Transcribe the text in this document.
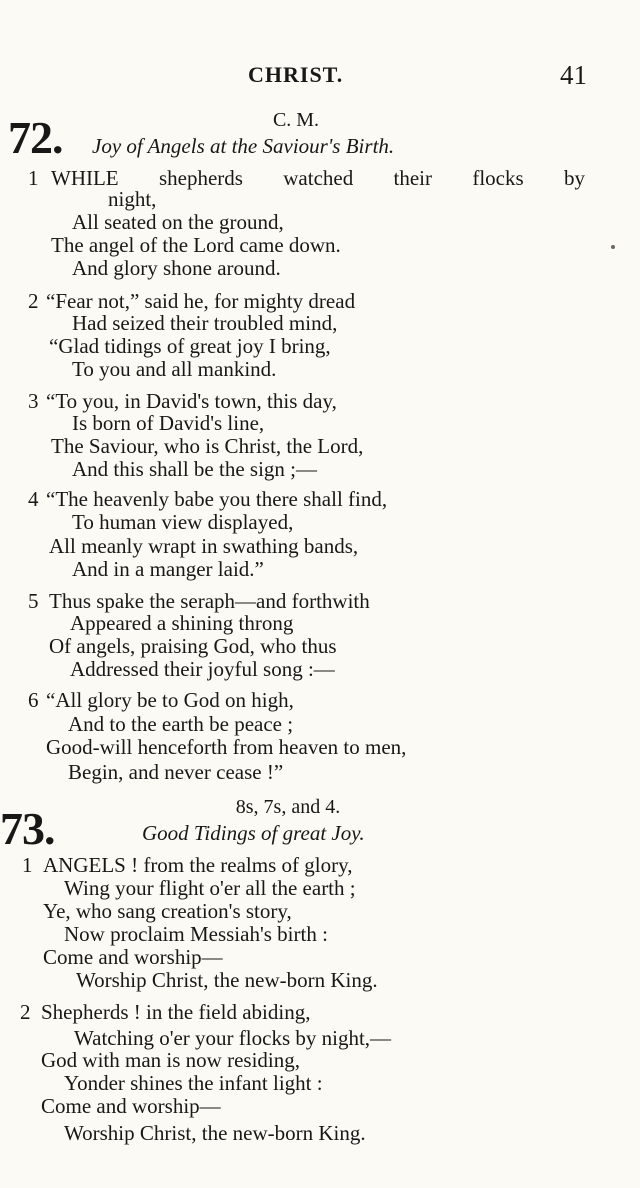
CHRIST.	41
72.	C. M.
Joy of Angels at the Saviour's Birth.
1 WHILE shepherds watched their flocks by
night,
All seated on the ground,
The angel of the Lord came down.
And glory shone around.
2 “Fear not,” said he, for mighty dread
Had seized their troubled mind,
“Glad tidings of great joy I bring,
To you and all mankind.
3 “To you, in David's town, this day,
Is born of David's line,
The Saviour, who is Christ, the Lord,
And this shall be the sign ;—
4 “The heavenly babe you there shall find,
To human view displayed,
All meanly wrapt in swathing bands,
And in a manger laid.”
5 Thus spake the seraph—and forthwith
Appeared a shining throng
Of angels, praising God, who thus
Addressed their joyful song :—
6 “All glory be to God on high,
And to the earth be peace ;
Good-will henceforth from heaven to men,
Begin, and never cease !”
73.	8s, 7s, and 4.
Good Tidings of great Joy.
1 ANGELS ! from the realms of glory,
Wing your flight o'er all the earth ;
Ye, who sang creation's story,
Now proclaim Messiah's birth :
Come and worship—
Worship Christ, the new-born King.
2 Shepherds ! in the field abiding,
Watching o'er your flocks by night,—
God with man is now residing,
Yonder shines the infant light :
Come and worship—
Worship Christ, the new-born King.
